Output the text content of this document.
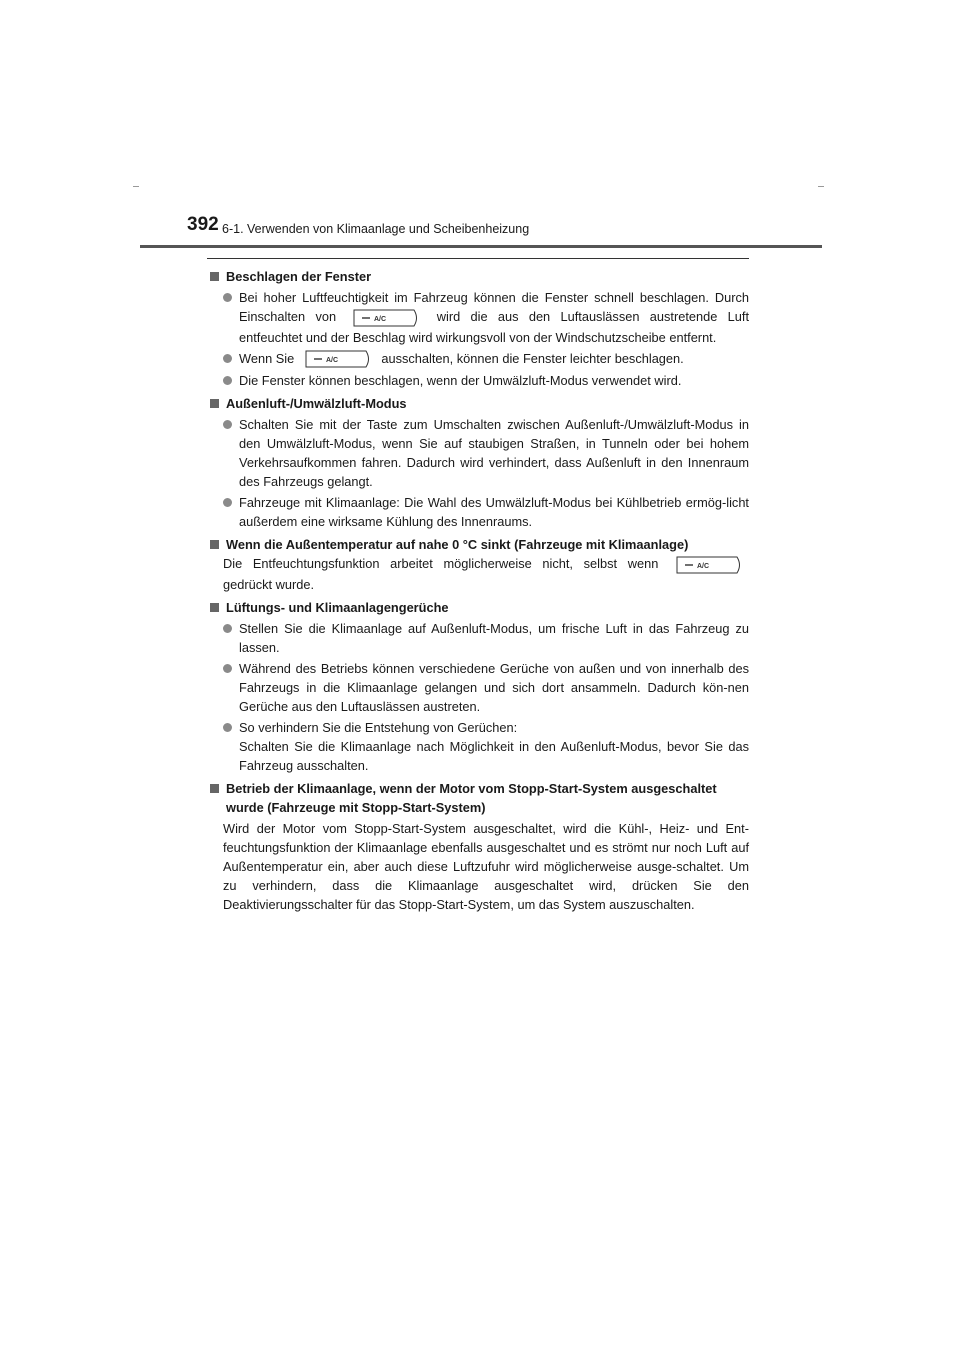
392 6-1. Verwenden von Klimaanlage und Scheibenheizung
Beschlagen der Fenster
Bei hoher Luftfeuchtigkeit im Fahrzeug können die Fenster schnell beschlagen. Durch Einschalten von	A/C	wird die aus den Luftauslässen austretende Luft entfeuchtet und der Beschlag wird wirkungsvoll von der Windschutzscheibe entfernt.
Wenn Sie	A/C	ausschalten, können die Fenster leichter beschlagen.
Die Fenster können beschlagen, wenn der Umwälzluft-Modus verwendet wird.
Außenluft-/Umwälzluft-Modus
Schalten Sie mit der Taste zum Umschalten zwischen Außenluft-/Umwälzluft-Modus in den Umwälzluft-Modus, wenn Sie auf staubigen Straßen, in Tunneln oder bei hohem Verkehrsaufkommen fahren. Dadurch wird verhindert, dass Außenluft in den Innenraum des Fahrzeugs gelangt.
Fahrzeuge mit Klimaanlage: Die Wahl des Umwälzluft-Modus bei Kühlbetrieb ermög-licht außerdem eine wirksame Kühlung des Innenraums.
Wenn die Außentemperatur auf nahe 0 °C sinkt (Fahrzeuge mit Klimaanlage)
Die Entfeuchtungsfunktion arbeitet möglicherweise nicht, selbst wenn	A/C
gedrückt wurde.
Lüftungs- und Klimaanlagengerüche
Stellen Sie die Klimaanlage auf Außenluft-Modus, um frische Luft in das Fahrzeug zu lassen.
Während des Betriebs können verschiedene Gerüche von außen und von innerhalb des Fahrzeugs in die Klimaanlage gelangen und sich dort ansammeln. Dadurch kön-nen Gerüche aus den Luftauslässen austreten.
So verhindern Sie die Entstehung von Gerüchen:
Schalten Sie die Klimaanlage nach Möglichkeit in den Außenluft-Modus, bevor Sie das Fahrzeug ausschalten.
Betrieb der Klimaanlage, wenn der Motor vom Stopp-Start-System ausgeschaltet wurde (Fahrzeuge mit Stopp-Start-System)
Wird der Motor vom Stopp-Start-System ausgeschaltet, wird die Kühl-, Heiz- und Ent-feuchtungsfunktion der Klimaanlage ebenfalls ausgeschaltet und es strömt nur noch Luft auf Außentemperatur ein, aber auch diese Luftzufuhr wird möglicherweise ausge-schaltet. Um zu verhindern, dass die Klimaanlage ausgeschaltet wird, drücken Sie den Deaktivierungsschalter für das Stopp-Start-System, um das System auszuschalten.
